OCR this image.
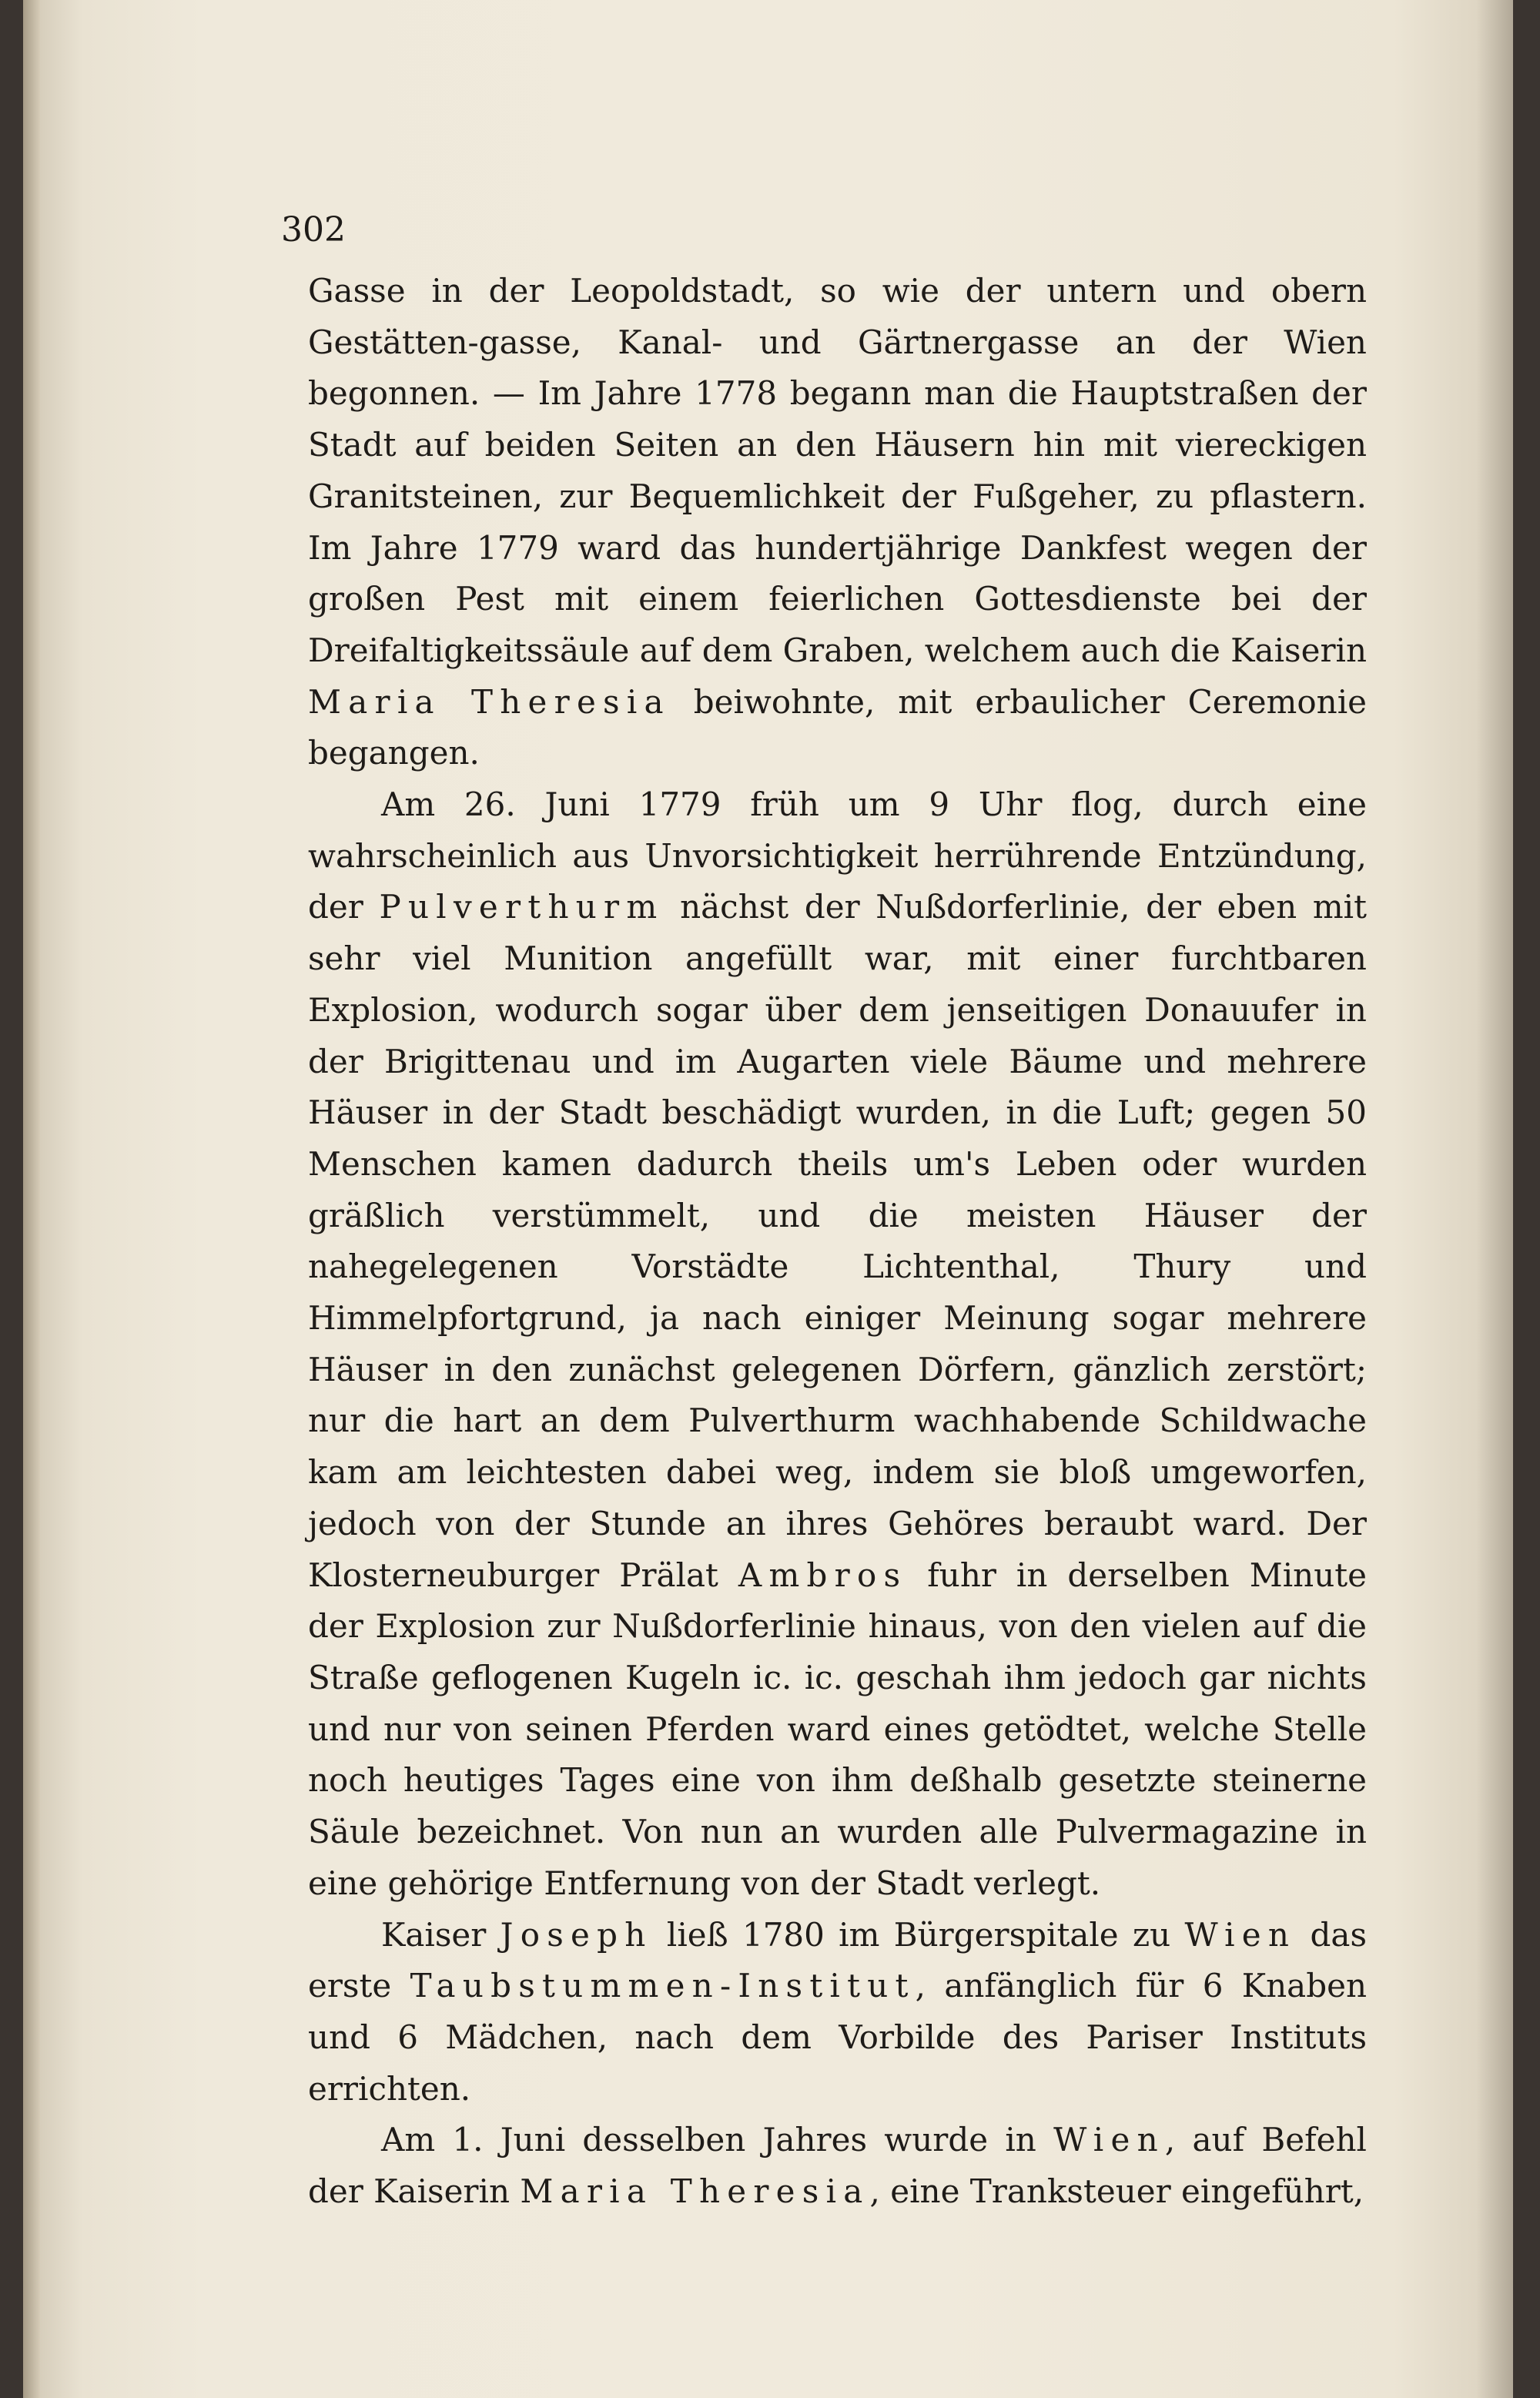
302

Gasse in der Leopoldstadt, so wie der untern und obern Gestätten-gasse, Kanal- und Gärtnergasse an der Wien begonnen. — Im Jahre 1778 begann man die Hauptstraßen der Stadt auf beiden Seiten an den Häusern hin mit viereckigen Granitsteinen, zur Bequemlichkeit der Fußgeher, zu pflastern. Im Jahre 1779 ward das hundertjährige Dankfest wegen der großen Pest mit einem feierlichen Gottesdienste bei der Dreifaltigkeitssäule auf dem Graben, welchem auch die Kaiserin Maria Theresia beiwohnte, mit erbaulicher Ceremonie begangen.

Am 26. Juni 1779 früh um 9 Uhr flog, durch eine wahrscheinlich aus Unvorsichtigkeit herrührende Entzündung, der Pulverthurm nächst der Nußdorferlinie, der eben mit sehr viel Munition angefüllt war, mit einer furchtbaren Explosion, wodurch sogar über dem jenseitigen Donauufer in der Brigittenau und im Augarten viele Bäume und mehrere Häuser in der Stadt beschädigt wurden, in die Luft; gegen 50 Menschen kamen dadurch theils um's Leben oder wurden gräßlich verstümmelt, und die meisten Häuser der nahegelegenen Vorstädte Lichtenthal, Thury und Himmelpfortgrund, ja nach einiger Meinung sogar mehrere Häuser in den zunächst gelegenen Dörfern, gänzlich zerstört; nur die hart an dem Pulverthurm wachhabende Schildwache kam am leichtesten dabei weg, indem sie bloß umgeworfen, jedoch von der Stunde an ihres Gehöres beraubt ward. Der Klosterneuburger Prälat Ambros fuhr in derselben Minute der Explosion zur Nußdorferlinie hinaus, von den vielen auf die Straße geflogenen Kugeln ic. ic. geschah ihm jedoch gar nichts und nur von seinen Pferden ward eines getödtet, welche Stelle noch heutiges Tages eine von ihm deßhalb gesetzte steinerne Säule bezeichnet. Von nun an wurden alle Pulvermagazine in eine gehörige Entfernung von der Stadt verlegt.

Kaiser Joseph ließ 1780 im Bürgerspitale zu Wien das erste Taubstummen-Institut, anfänglich für 6 Knaben und 6 Mädchen, nach dem Vorbilde des Pariser Instituts errichten.

Am 1. Juni desselben Jahres wurde in Wien, auf Befehl der Kaiserin Maria Theresia, eine Tranksteuer eingeführt,
